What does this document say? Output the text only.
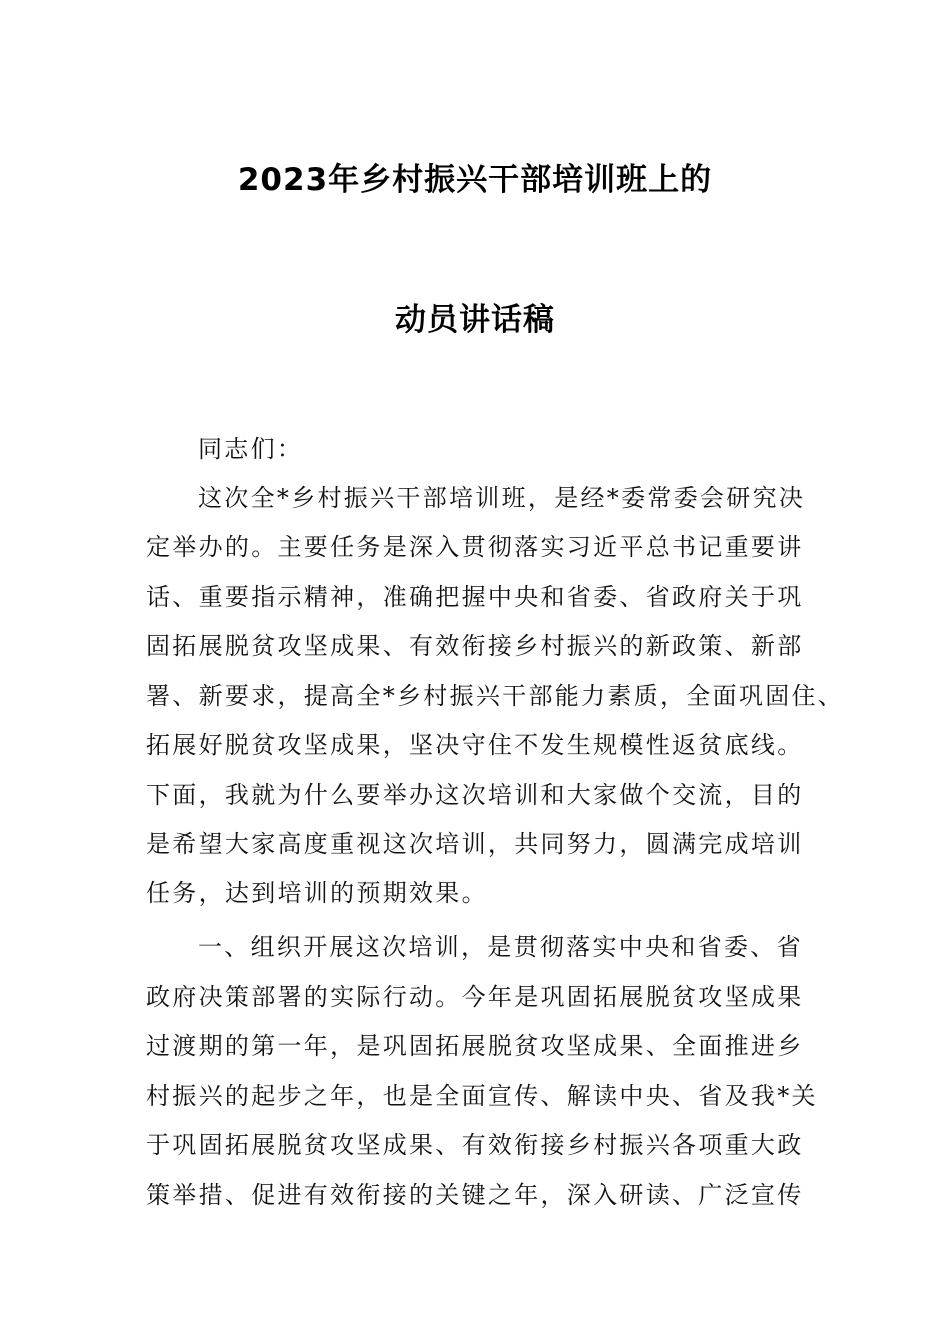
2023年乡村振兴干部培训班上的
动员讲话稿
同志们：
这次全*乡村振兴干部培训班，是经*委常委会研究决
定举办的。主要任务是深入贯彻落实习近平总书记重要讲
话、重要指示精神，准确把握中央和省委、省政府关于巩
固拓展脱贫攻坚成果、有效衔接乡村振兴的新政策、新部
署、新要求，提高全*乡村振兴干部能力素质，全面巩固住、
拓展好脱贫攻坚成果，坚决守住不发生规模性返贫底线。
下面，我就为什么要举办这次培训和大家做个交流，目的
是希望大家高度重视这次培训，共同努力，圆满完成培训
任务，达到培训的预期效果。
一、组织开展这次培训，是贯彻落实中央和省委、省
政府决策部署的实际行动。今年是巩固拓展脱贫攻坚成果
过渡期的第一年，是巩固拓展脱贫攻坚成果、全面推进乡
村振兴的起步之年，也是全面宣传、解读中央、省及我*关
于巩固拓展脱贫攻坚成果、有效衔接乡村振兴各项重大政
策举措、促进有效衔接的关键之年，深入研读、广泛宣传
